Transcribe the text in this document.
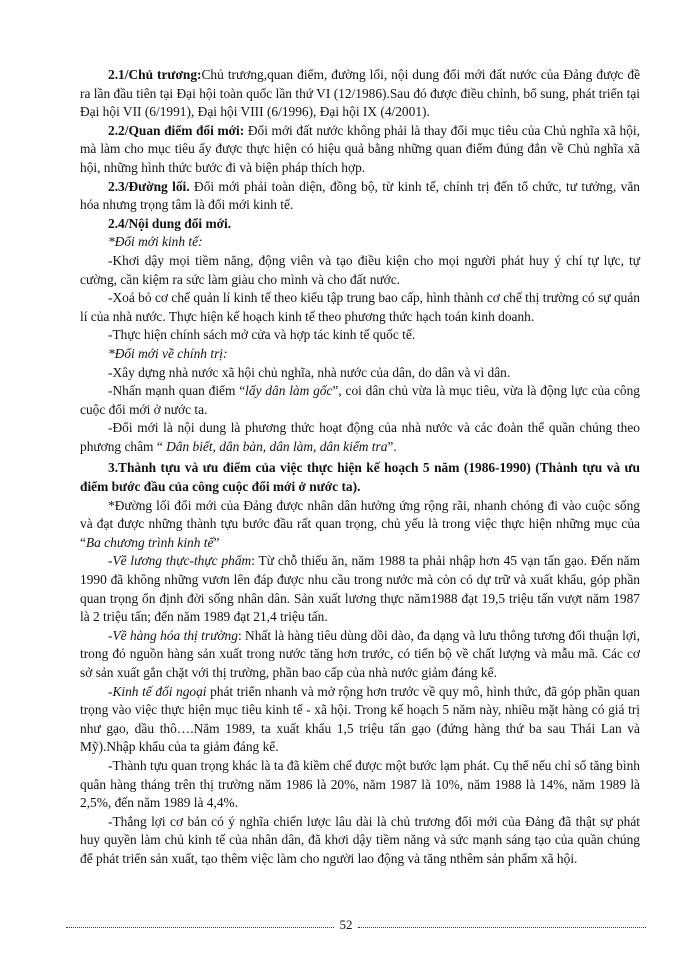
2.1/Chủ trương:Chủ trương,quan điểm, đường lối, nội dung đổi mới đất nước của Đảng được đề ra lần đầu tiên tại Đại hội toàn quốc lần thứ VI (12/1986).Sau đó được điều chỉnh, bổ sung, phát triển tại Đại hội VII (6/1991), Đại hội VIII (6/1996), Đại hội IX (4/2001).

2.2/Quan điểm đổi mới: Đổi mới đất nước không phải là thay đổi mục tiêu của Chủ nghĩa xã hội, mà làm cho mục tiêu ấy được thực hiện có hiệu quả bằng những quan điểm đúng đắn về Chủ nghĩa xã hội, những hình thức bước đi và biện pháp thích hợp.

2.3/Đường lối. Đổi mới phải toàn diện, đồng bộ, từ kinh tế, chính trị đến tổ chức, tư tưởng, văn hóa nhưng trọng tâm là đổi mới kinh tế.

2.4/Nội dung đổi mới.

*Đổi mới kinh tế:

-Khơi dậy mọi tiềm năng, động viên và tạo điều kiện cho mọi người phát huy ý chí tự lực, tự cường, cần kiệm ra sức làm giàu cho mình và cho đất nước.

-Xoá bỏ cơ chế quản lí kinh tế theo kiểu tập trung bao cấp, hình thành cơ chế thị trường có sự quản lí của nhà nước. Thực hiện kế hoạch kinh tế theo phương thức hạch toán kinh doanh.

-Thực hiện chính sách mở cửa và hợp tác kinh tế quốc tế.

*Đổi mới về chính trị:

-Xây dựng nhà nước xã hội chủ nghĩa, nhà nước của dân, do dân và vì dân.

-Nhấn mạnh quan điểm “lấy dân làm gốc”, coi dân chủ vừa là mục tiêu, vừa là động lực của công cuộc đổi mới ở nước ta.

-Đổi mới là nội dung là phương thức hoạt động của nhà nước và các đoàn thể quần chúng theo phương châm “ Dân biết, dân bàn, dân làm, dân kiểm tra”.

3.Thành tựu và ưu điểm của việc thực hiện kế hoạch 5 năm (1986-1990) (Thành tựu và ưu điểm bước đầu của công cuộc đổi mới ở nước ta).

*Đường lối đổi mới của Đảng được nhân dân hưởng ứng rộng rãi, nhanh chóng đi vào cuộc sống và đạt được những thành tựu bước đầu rất quan trọng, chủ yếu là trong việc thực hiện những mục của “Ba chương trình kinh tế”

-Về lương thực-thực phẩm: Từ chỗ thiếu ăn, năm 1988 ta phải nhập hơn 45 vạn tấn gạo. Đến năm 1990 đã không những vươn lên đáp được nhu cầu trong nước mà còn có dự trữ và xuất khẩu, góp phần quan trọng ổn định đời sống nhân dân. Sản xuất lương thực năm1988 đạt 19,5 triệu tấn vượt năm 1987 là 2 triệu tấn; đến năm 1989 đạt 21,4 triệu tấn.

-Về hàng hóa thị trường: Nhất là hàng tiêu dùng dồi dào, đa dạng và lưu thông tương đối thuận lợi, trong đó nguồn hàng sản xuất trong nước tăng hơn trước, có tiến bộ về chất lượng và mẫu mã. Các cơ sở sản xuất gắn chặt với thị trường, phần bao cấp của nhà nước giảm đáng kể.

-Kinh tế đối ngoại phát triển nhanh và mở rộng hơn trước về quy mô, hình thức, đã góp phần quan trọng vào việc thực hiện mục tiêu kinh tế - xã hội. Trong kế hoạch 5 năm này, nhiều mặt hàng có giá trị như gạo, dầu thô….Năm 1989, ta xuất khẩu 1,5 triệu tấn gạo (đứng hàng thứ ba sau Thái Lan và Mỹ).Nhập khẩu của ta giảm đáng kể.

-Thành tựu quan trọng khác là ta đã kiềm chế được một bước lạm phát. Cụ thể nếu chỉ số tăng bình quân hàng tháng trên thị trường năm 1986 là 20%, năm 1987 là 10%, năm 1988 là 14%, năm 1989 là 2,5%, đến năm 1989 là 4,4%.

-Thắng lợi cơ bản có ý nghĩa chiến lược lâu dài là chủ trương đổi mới của Đảng đã thật sự phát huy quyền làm chủ kinh tế của nhân dân, đã khơi dậy tiềm năng và sức mạnh sáng tạo của quần chúng để phát triển sản xuất, tạo thêm việc làm cho người lao động và tăng nthêm sản phẩm xã hội.

52
